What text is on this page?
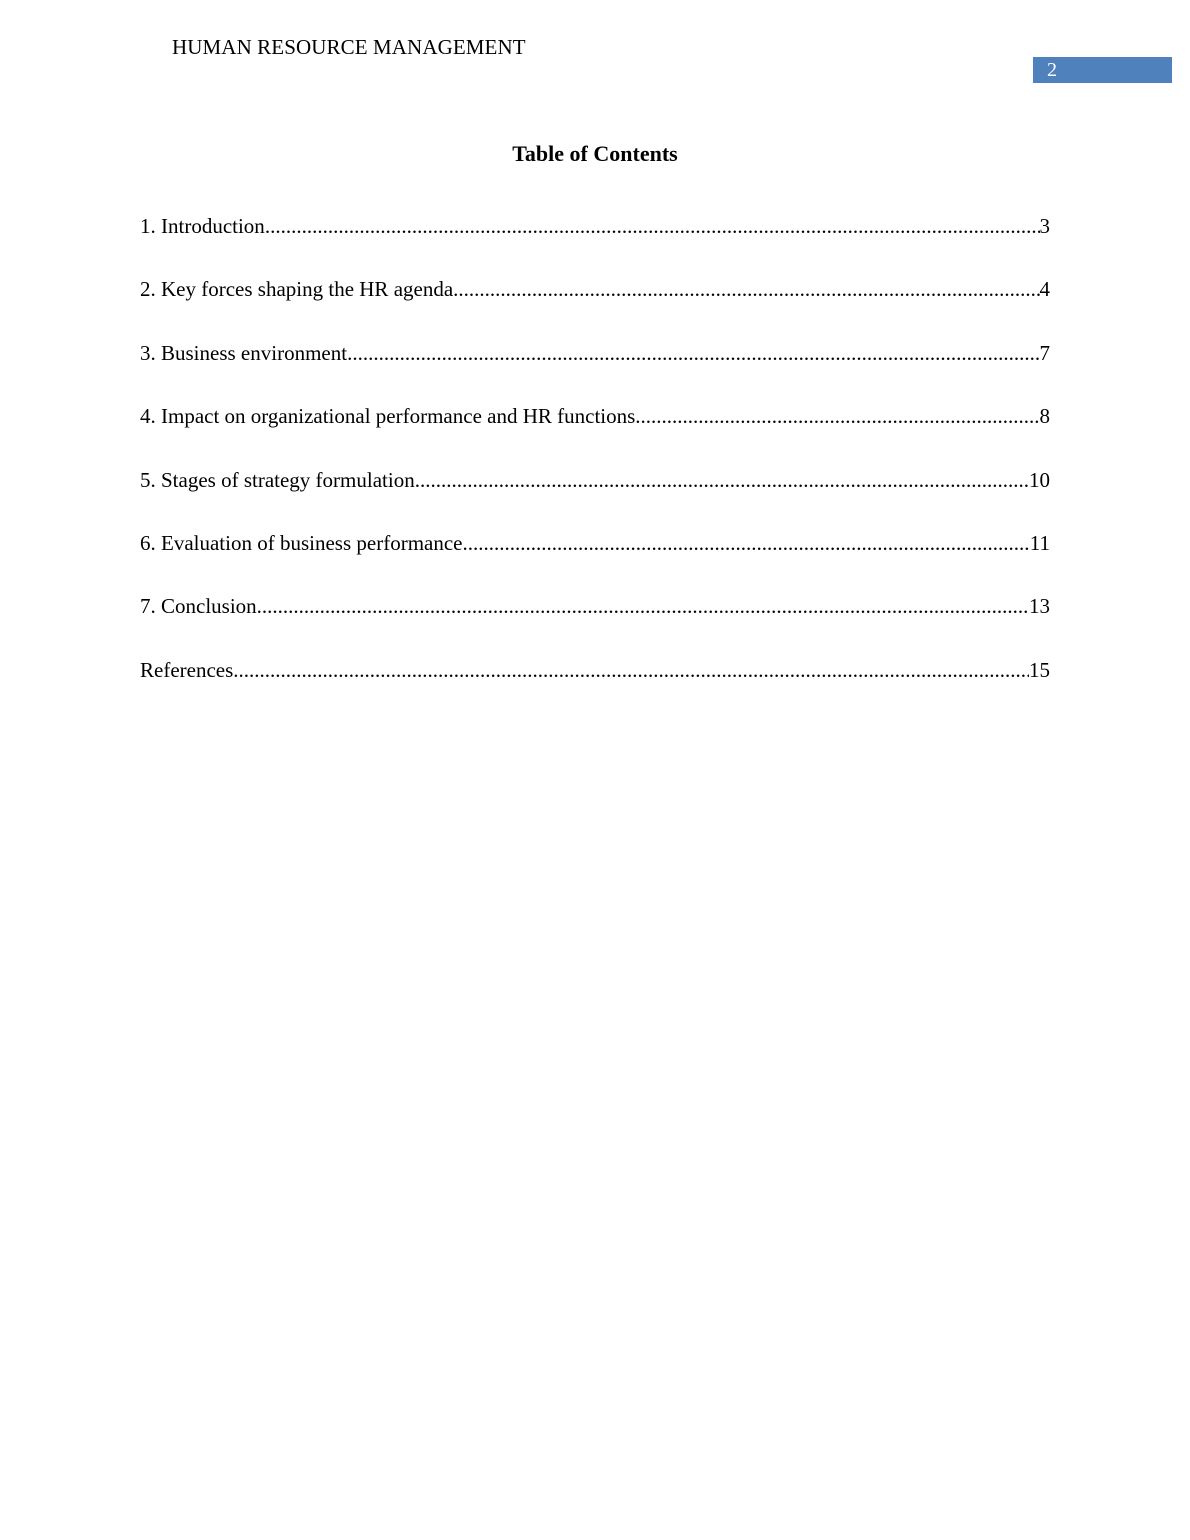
HUMAN RESOURCE MANAGEMENT
2
Table of Contents
1. Introduction .....	3
2. Key forces shaping the HR agenda .....	4
3. Business environment .....	7
4. Impact on organizational performance and HR functions .....	8
5. Stages of strategy formulation .....	10
6. Evaluation of business performance .....	11
7. Conclusion .....	13
References .....	15
